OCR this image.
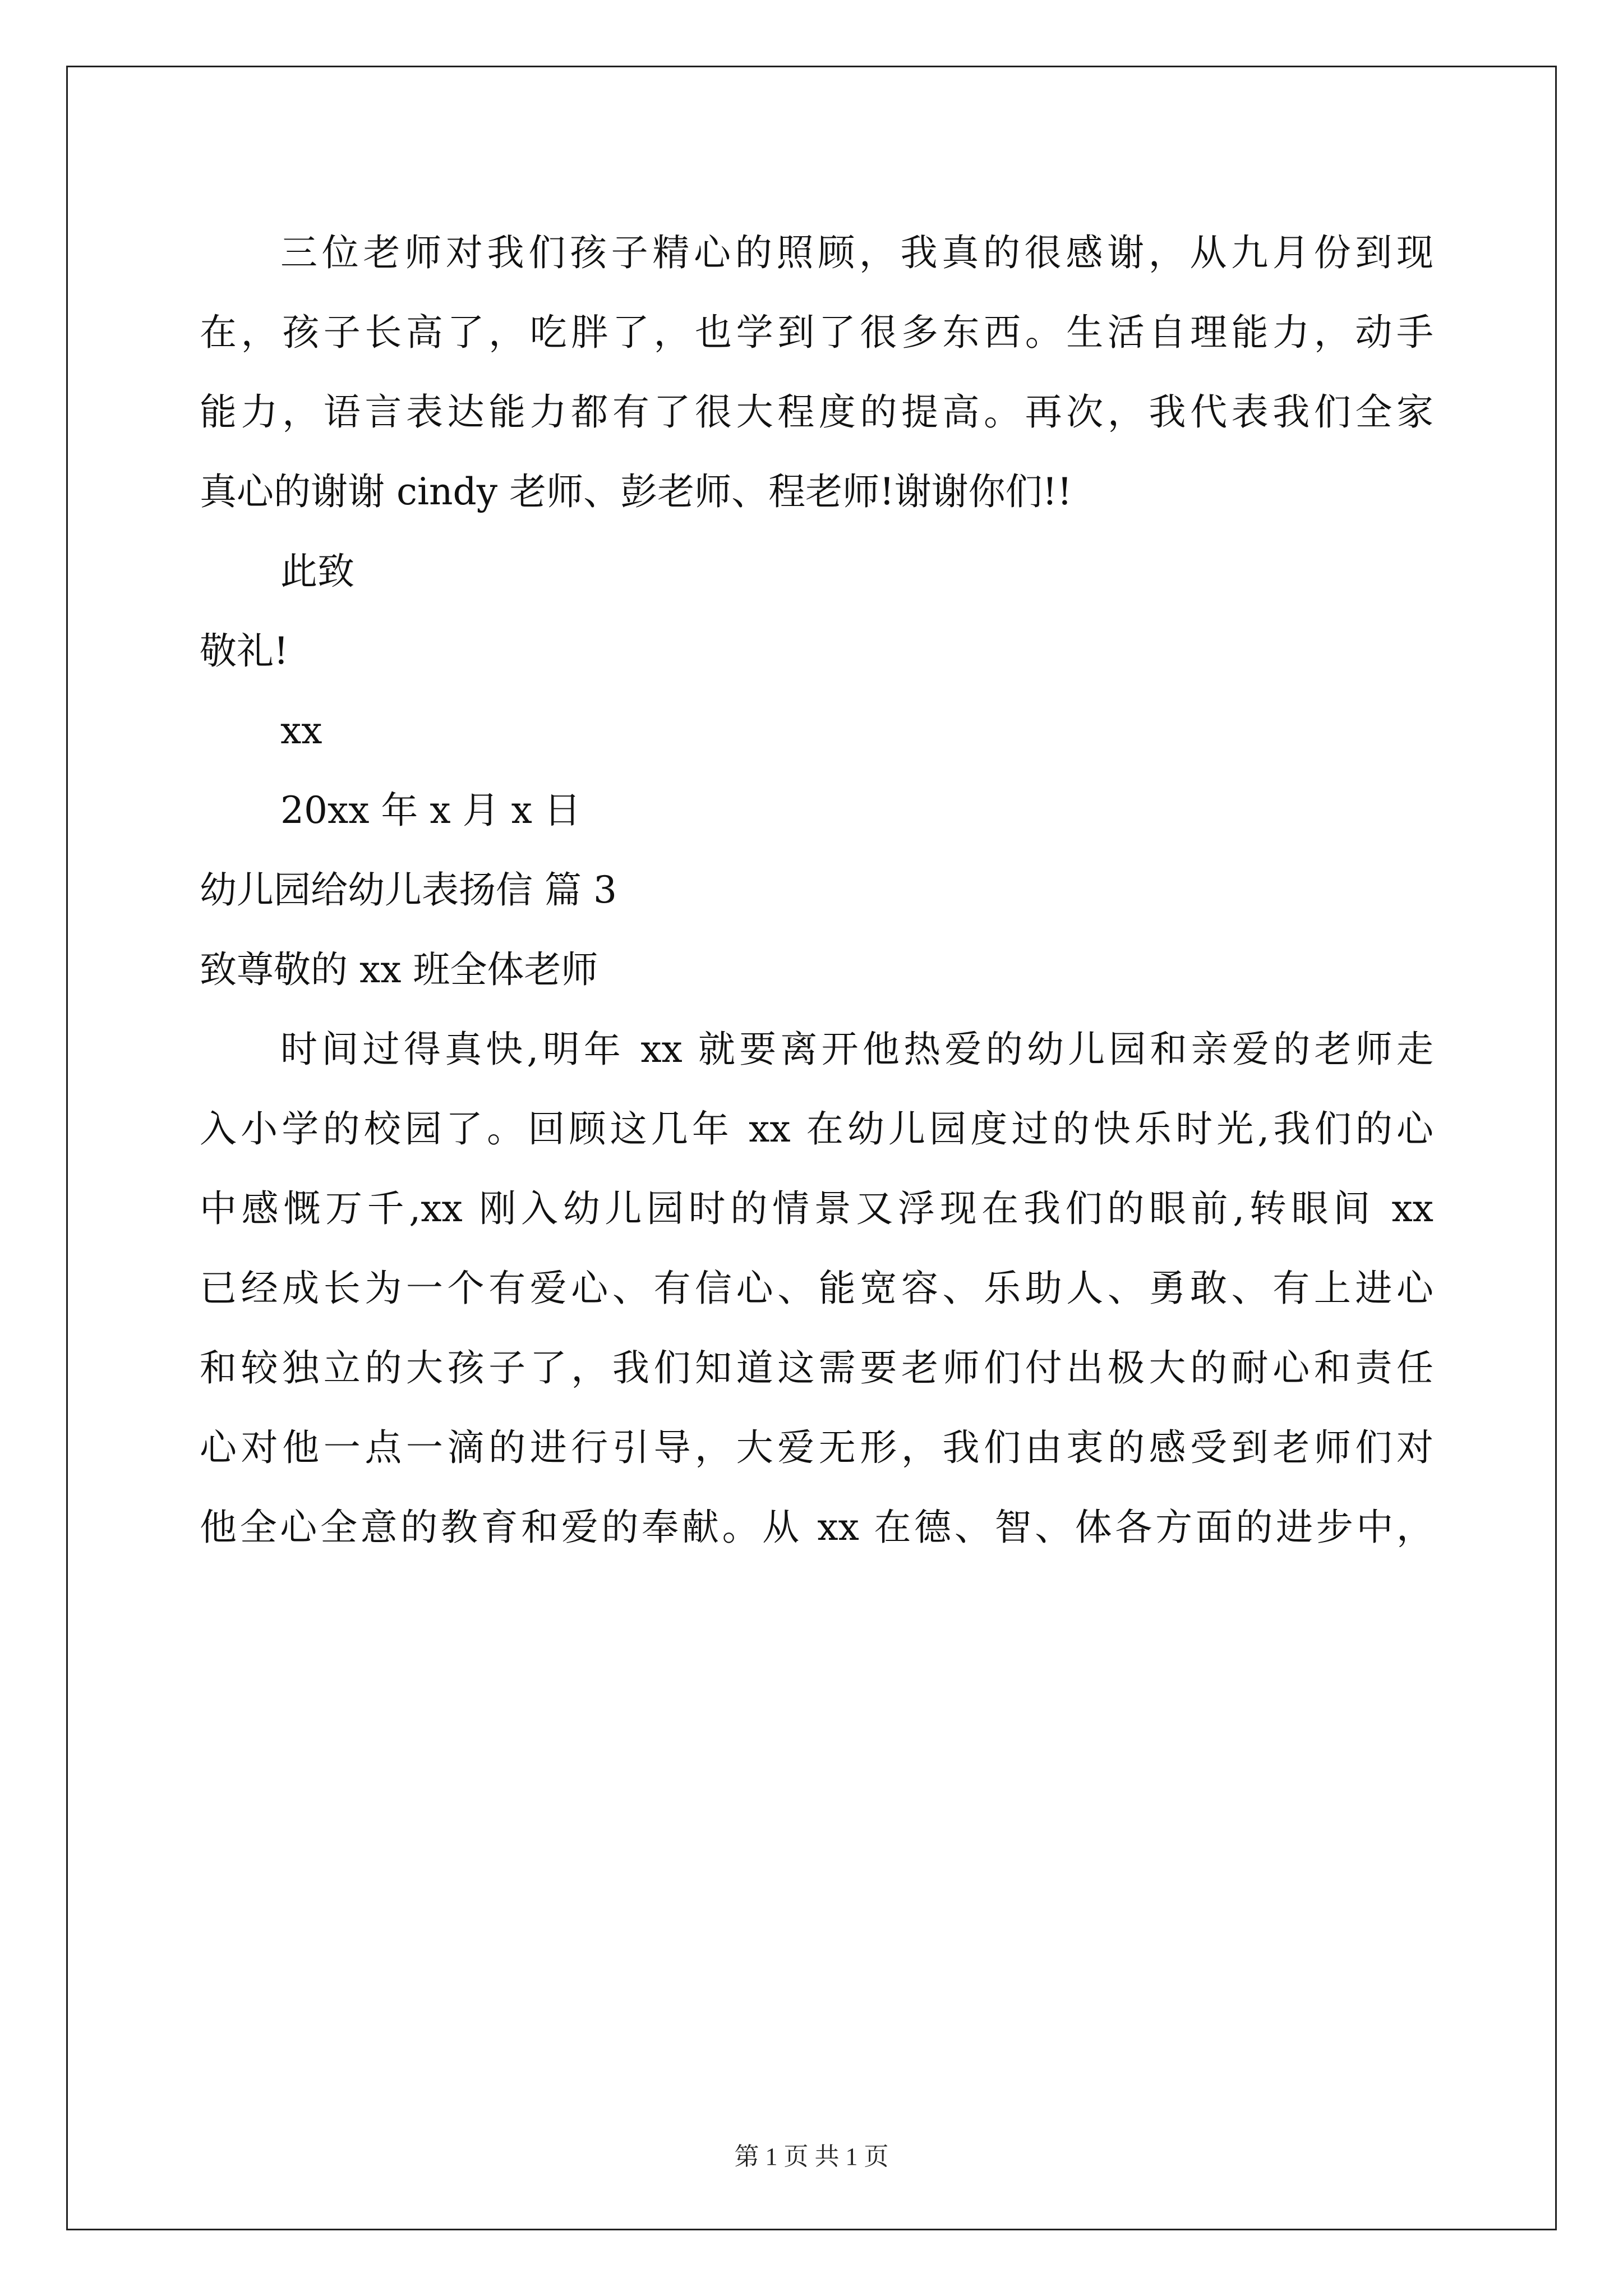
三位老师对我们孩子精心的照顾，我真的很感谢，从九月份到现
在，孩子长高了，吃胖了，也学到了很多东西。生活自理能力，动手
能力，语言表达能力都有了很大程度的提高。再次，我代表我们全家
真心的谢谢 cindy 老师、彭老师、程老师!谢谢你们!!
此致
敬礼!
xx
20xx 年 x 月 x 日
幼儿园给幼儿表扬信 篇 3
致尊敬的 xx 班全体老师
时间过得真快,明年 xx 就要离开他热爱的幼儿园和亲爱的老师走
入小学的校园了。回顾这几年 xx 在幼儿园度过的快乐时光,我们的心
中感慨万千,xx 刚入幼儿园时的情景又浮现在我们的眼前,转眼间 xx
已经成长为一个有爱心、有信心、能宽容、乐助人、勇敢、有上进心
和较独立的大孩子了，我们知道这需要老师们付出极大的耐心和责任
心对他一点一滴的进行引导，大爱无形，我们由衷的感受到老师们对
他全心全意的教育和爱的奉献。从 xx 在德、智、体各方面的进步中，
第 1 页 共 1 页
